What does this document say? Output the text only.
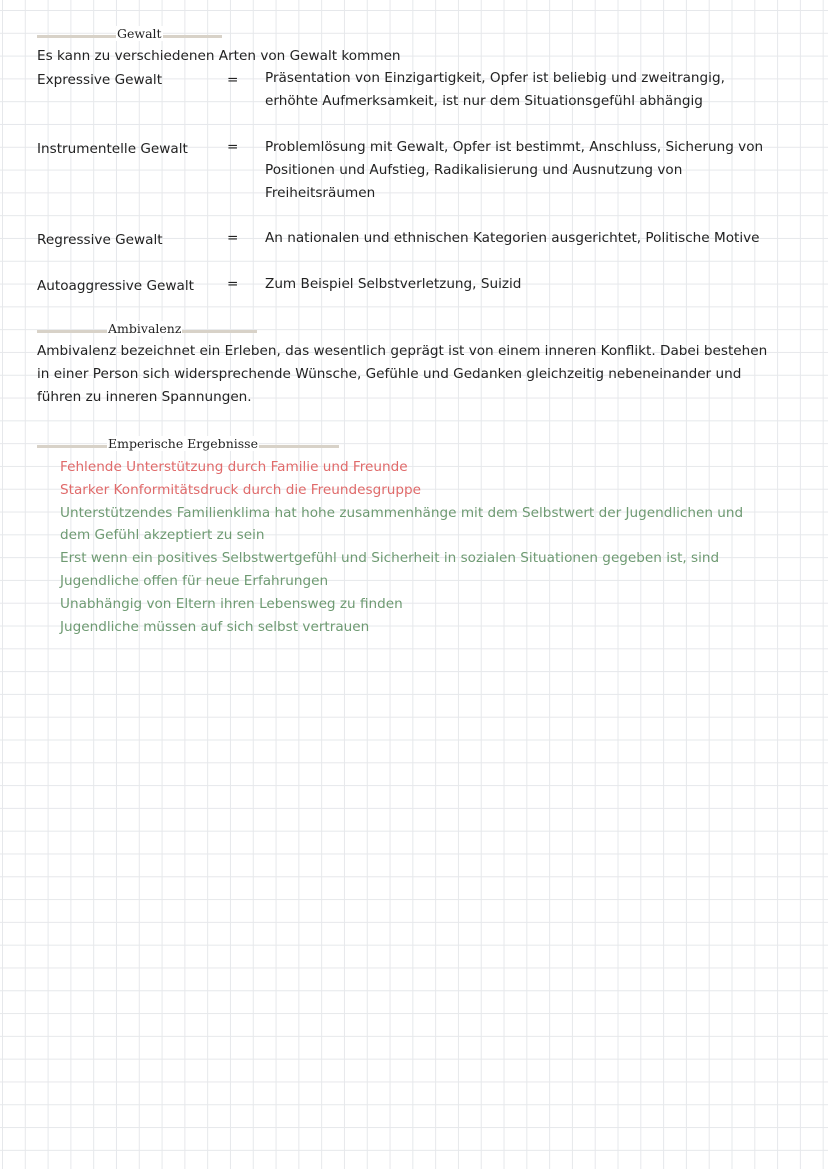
Gewalt
Es kann zu verschiedenen Arten von Gewalt kommen
Expressive Gewalt	= Präsentation von Einzigartigkeit, Opfer ist beliebig und zweitrangig,
erhöhte Aufmerksamkeit, ist nur dem Situationsgefühl abhängig
Instrumentelle Gewalt	= Problemlösung mit Gewalt, Opfer ist bestimmt, Anschluss, Sicherung von
Positionen und Aufstieg, Radikalisierung und Ausnutzung von
Freiheitsräumen
Regressive Gewalt	= An nationalen und ethnischen Kategorien ausgerichtet, Politische Motive
Autoaggressive Gewalt = Zum Beispiel Selbstverletzung, Suizid
Ambivalenz
Ambivalenz bezeichnet ein Erleben, das wesentlich geprägt ist von einem inneren Konflikt. Dabei bestehen
in einer Person sich widersprechende Wünsche, Gefühle und Gedanken gleichzeitig nebeneinander und
führen zu inneren Spannungen.
Emperische Ergebnisse
Fehlende Unterstützung durch Familie und Freunde
Starker Konformitätsdruck durch die Freundesgruppe
Unterstützendes Familienklima hat hohe zusammenhänge mit dem Selbstwert der Jugendlichen und
dem Gefühl akzeptiert zu sein
Erst wenn ein positives Selbstwertgefühl und Sicherheit in sozialen Situationen gegeben ist, sind
Jugendliche offen für neue Erfahrungen
Unabhängig von Eltern ihren Lebensweg zu finden
Jugendliche müssen auf sich selbst vertrauen
